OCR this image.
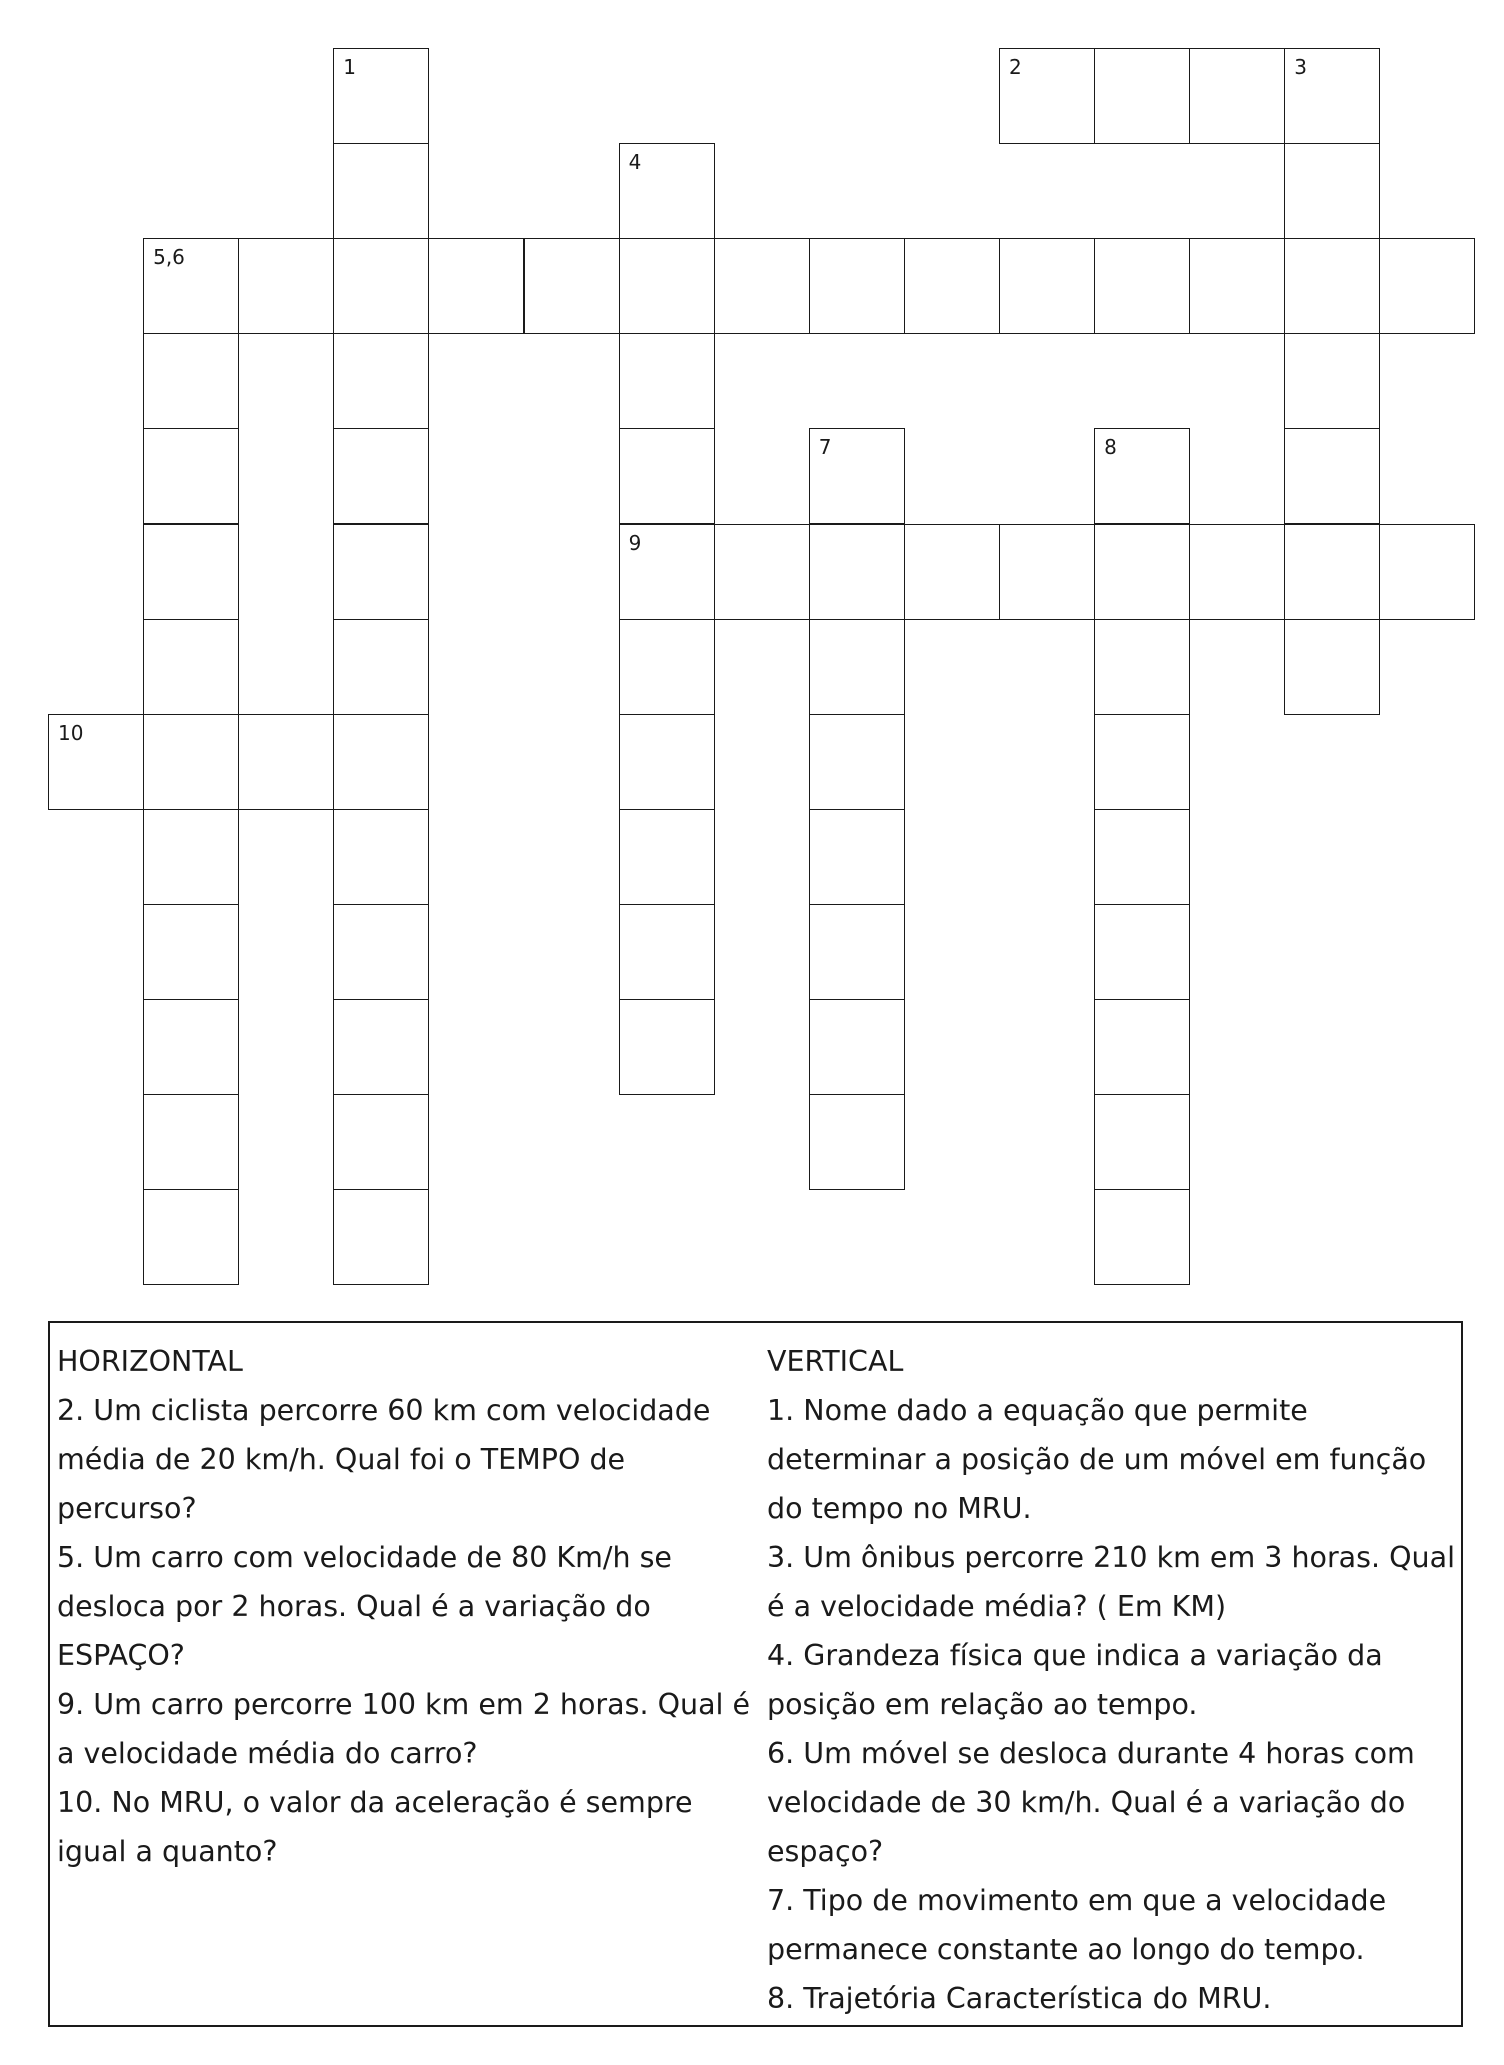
1	2	3
4
5,6
7	8
9
10

HORIZONTAL

2. Um ciclista percorre 60 km com velocidade média de 20 km/h. Qual foi o TEMPO de percurso?

5. Um carro com velocidade de 80 Km/h se desloca por 2 horas. Qual é a variação do ESPAÇO?

9. Um carro percorre 100 km em 2 horas. Qual é a velocidade média do carro?

10. No MRU, o valor da aceleração é sempre igual a quanto?

VERTICAL

1. Nome dado a equação que permite determinar a posição de um móvel em função do tempo no MRU.

3. Um ônibus percorre 210 km em 3 horas. Qual é a velocidade média? ( Em KM)

4. Grandeza física que indica a variação da posição em relação ao tempo.

6. Um móvel se desloca durante 4 horas com velocidade de 30 km/h. Qual é a variação do espaço?

7. Tipo de movimento em que a velocidade permanece constante ao longo do tempo.

8. Trajetória Característica do MRU.
